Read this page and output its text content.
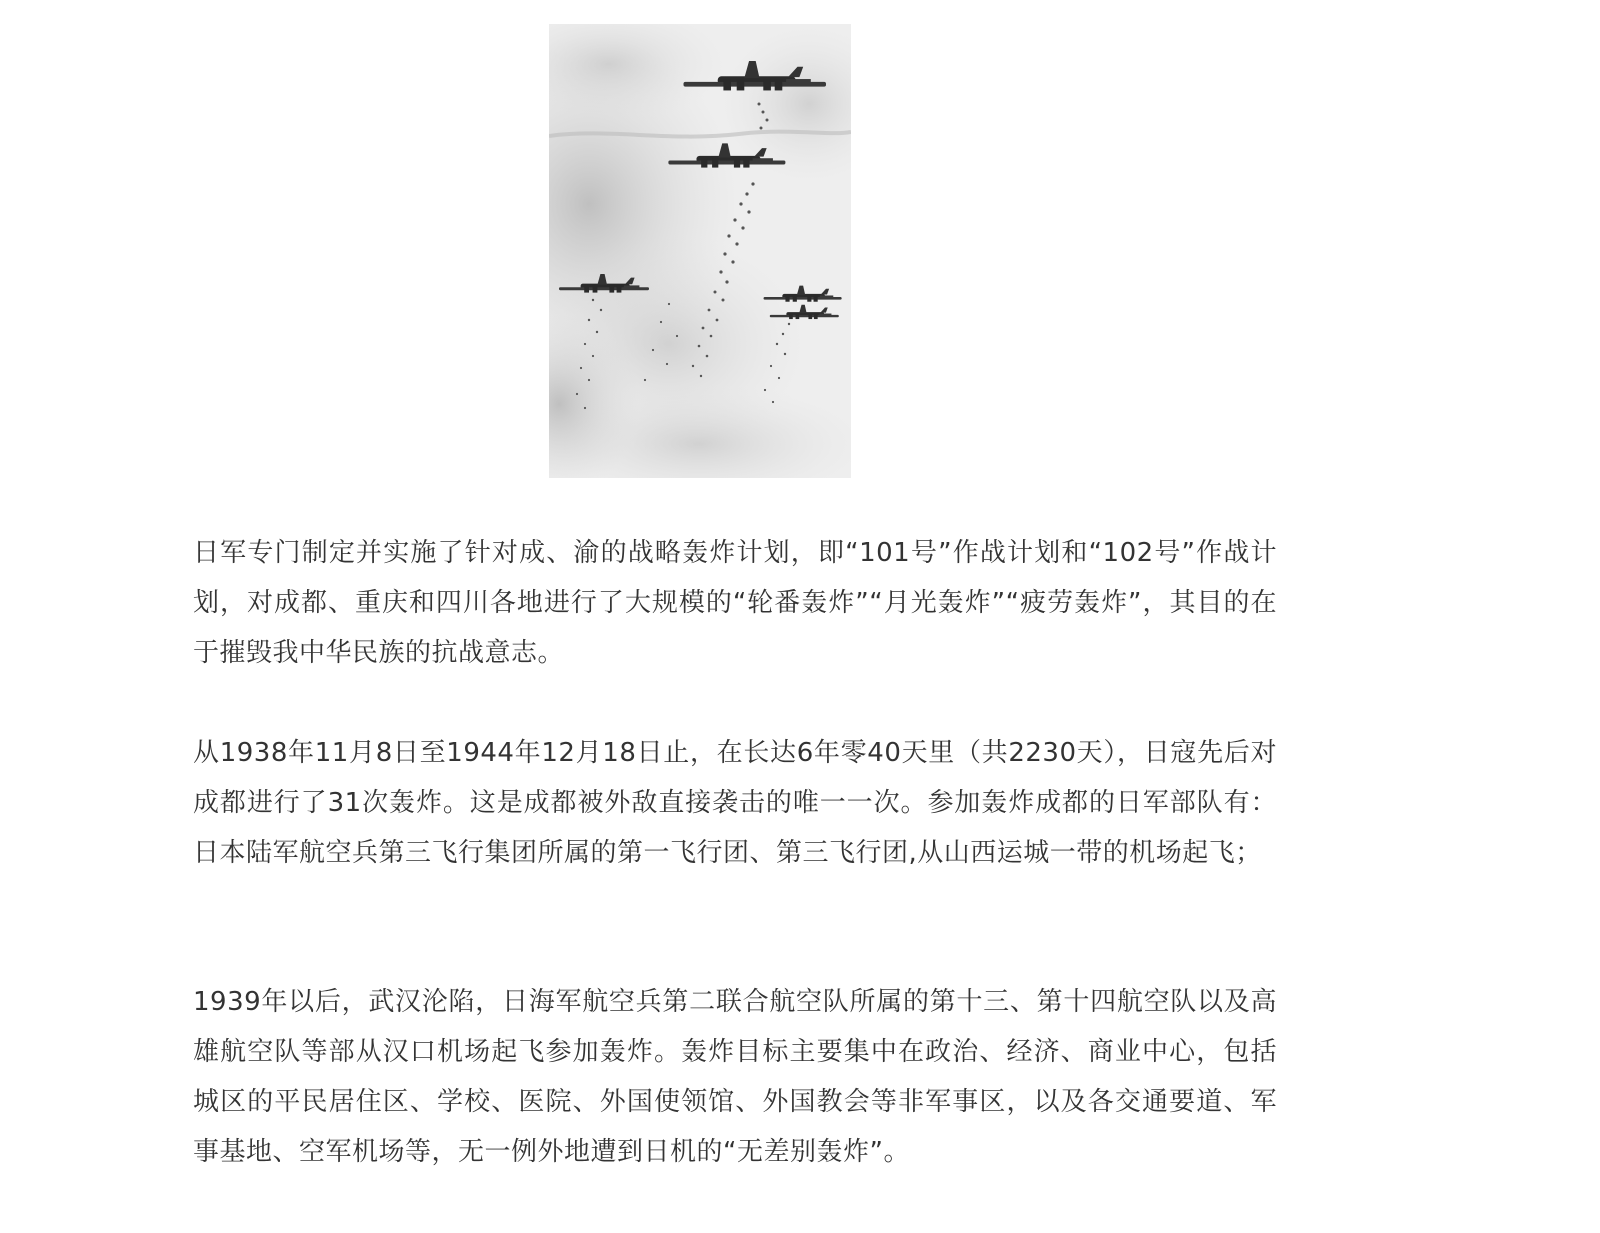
日军专门制定并实施了针对成、渝的战略轰炸计划，即“101号”作战计划和“102号”作战计划，对成都、重庆和四川各地进行了大规模的“轮番轰炸”“月光轰炸”“疲劳轰炸”，其目的在于摧毁我中华民族的抗战意志。

从1938年11月8日至1944年12月18日止，在长达6年零40天里（共2230天），日寇先后对成都进行了31次轰炸。这是成都被外敌直接袭击的唯一一次。参加轰炸成都的日军部队有：日本陆军航空兵第三飞行集团所属的第一飞行团、第三飞行团,从山西运城一带的机场起飞；

1939年以后，武汉沦陷，日海军航空兵第二联合航空队所属的第十三、第十四航空队以及高雄航空队等部从汉口机场起飞参加轰炸。轰炸目标主要集中在政治、经济、商业中心，包括城区的平民居住区、学校、医院、外国使领馆、外国教会等非军事区，以及各交通要道、军事基地、空军机场等，无一例外地遭到日机的“无差别轰炸”。
